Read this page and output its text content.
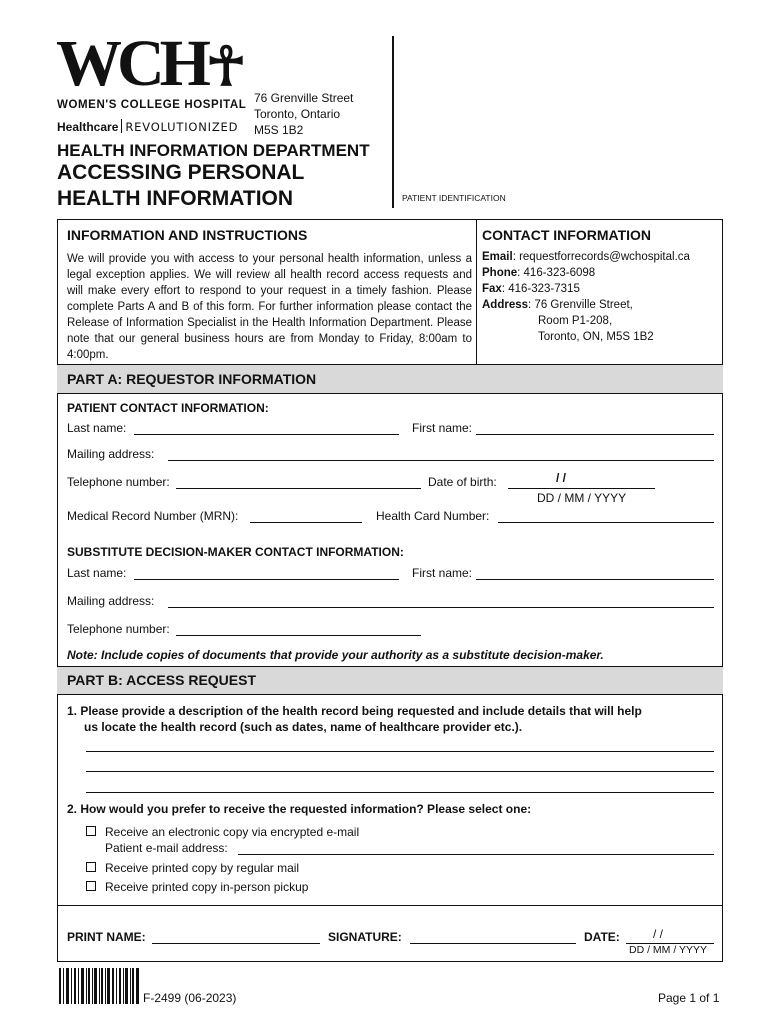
WCH☥
WOMEN'S COLLEGE HOSPITAL
Healthcare REVOLUTIONIZED
76 Grenville Street
Toronto, Ontario
M5S 1B2
HEALTH INFORMATION DEPARTMENT
ACCESSING PERSONAL
HEALTH INFORMATION	PATIENT IDENTIFICATION
INFORMATION AND INSTRUCTIONS
We will provide you with access to your personal health information, unless a legal exception applies. We will review all health record access requests and will make every effort to respond to your request in a timely fashion. Please complete Parts A and B of this form. For further information please contact the Release of Information Specialist in the Health Information Department. Please note that our general business hours are from Monday to Friday, 8:00am to 4:00pm.
CONTACT INFORMATION
Email: requestforrecords@wchospital.ca
Phone: 416-323-6098
Fax: 416-323-7315
Address: 76 Grenville Street,
Room P1-208,
Toronto, ON, M5S 1B2
PART A: REQUESTOR INFORMATION
PATIENT CONTACT INFORMATION:
Last name:	First name:
Mailing address:
Telephone number:	Date of birth:	/ /
DD / MM / YYYY
Medical Record Number (MRN):	Health Card Number:
SUBSTITUTE DECISION-MAKER CONTACT INFORMATION:
Last name:	First name:
Mailing address:
Telephone number:
Note: Include copies of documents that provide your authority as a substitute decision-maker.
PART B: ACCESS REQUEST
1. Please provide a description of the health record being requested and include details that will help
us locate the health record (such as dates, name of healthcare provider etc.).
2. How would you prefer to receive the requested information? Please select one:
Receive an electronic copy via encrypted e-mail
Patient e-mail address:
Receive printed copy by regular mail
Receive printed copy in-person pickup
PRINT NAME:	SIGNATURE:	DATE:	/ /
DD / MM / YYYY
F-2499 (06-2023)	Page 1 of 1
